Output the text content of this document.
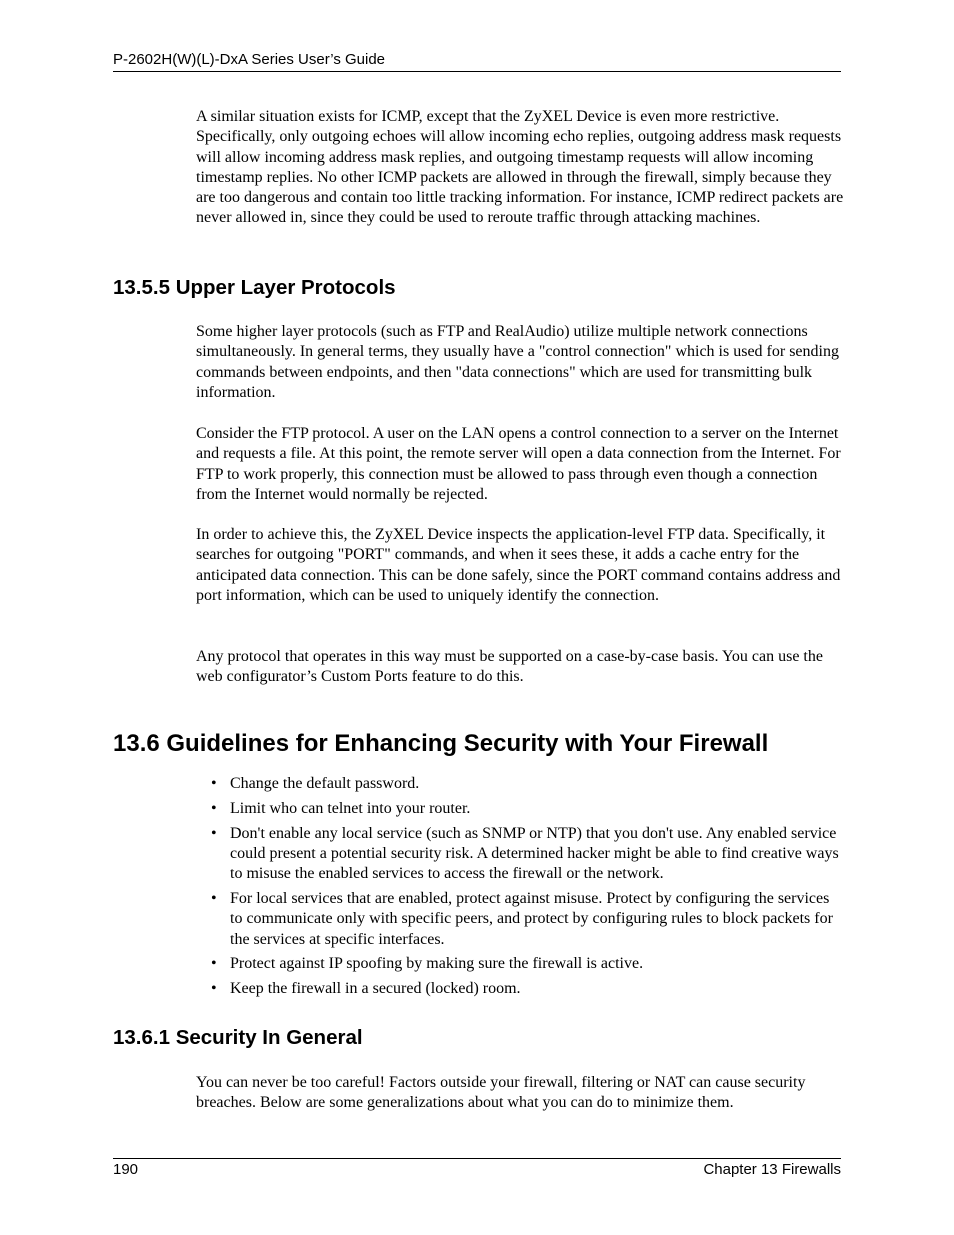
P-2602H(W)(L)-DxA Series User’s Guide

A similar situation exists for ICMP, except that the ZyXEL Device is even more restrictive. Specifically, only outgoing echoes will allow incoming echo replies, outgoing address mask requests will allow incoming address mask replies, and outgoing timestamp requests will allow incoming timestamp replies. No other ICMP packets are allowed in through the firewall, simply because they are too dangerous and contain too little tracking information. For instance, ICMP redirect packets are never allowed in, since they could be used to reroute traffic through attacking machines.

13.5.5 Upper Layer Protocols

Some higher layer protocols (such as FTP and RealAudio) utilize multiple network connections simultaneously. In general terms, they usually have a "control connection" which is used for sending commands between endpoints, and then "data connections" which are used for transmitting bulk information.

Consider the FTP protocol. A user on the LAN opens a control connection to a server on the Internet and requests a file. At this point, the remote server will open a data connection from the Internet. For FTP to work properly, this connection must be allowed to pass through even though a connection from the Internet would normally be rejected.

In order to achieve this, the ZyXEL Device inspects the application-level FTP data. Specifically, it searches for outgoing "PORT" commands, and when it sees these, it adds a cache entry for the anticipated data connection. This can be done safely, since the PORT command contains address and port information, which can be used to uniquely identify the connection.

Any protocol that operates in this way must be supported on a case-by-case basis. You can use the web configurator’s Custom Ports feature to do this.

13.6 Guidelines for Enhancing Security with Your Firewall
• Change the default password.
• Limit who can telnet into your router.
• Don't enable any local service (such as SNMP or NTP) that you don't use. Any enabled service could present a potential security risk. A determined hacker might be able to find creative ways to misuse the enabled services to access the firewall or the network.
• For local services that are enabled, protect against misuse. Protect by configuring the services to communicate only with specific peers, and protect by configuring rules to block packets for the services at specific interfaces.
• Protect against IP spoofing by making sure the firewall is active.
• Keep the firewall in a secured (locked) room.
13.6.1 Security In General

You can never be too careful! Factors outside your firewall, filtering or NAT can cause security breaches. Below are some generalizations about what you can do to minimize them.

190	Chapter 13 Firewalls
